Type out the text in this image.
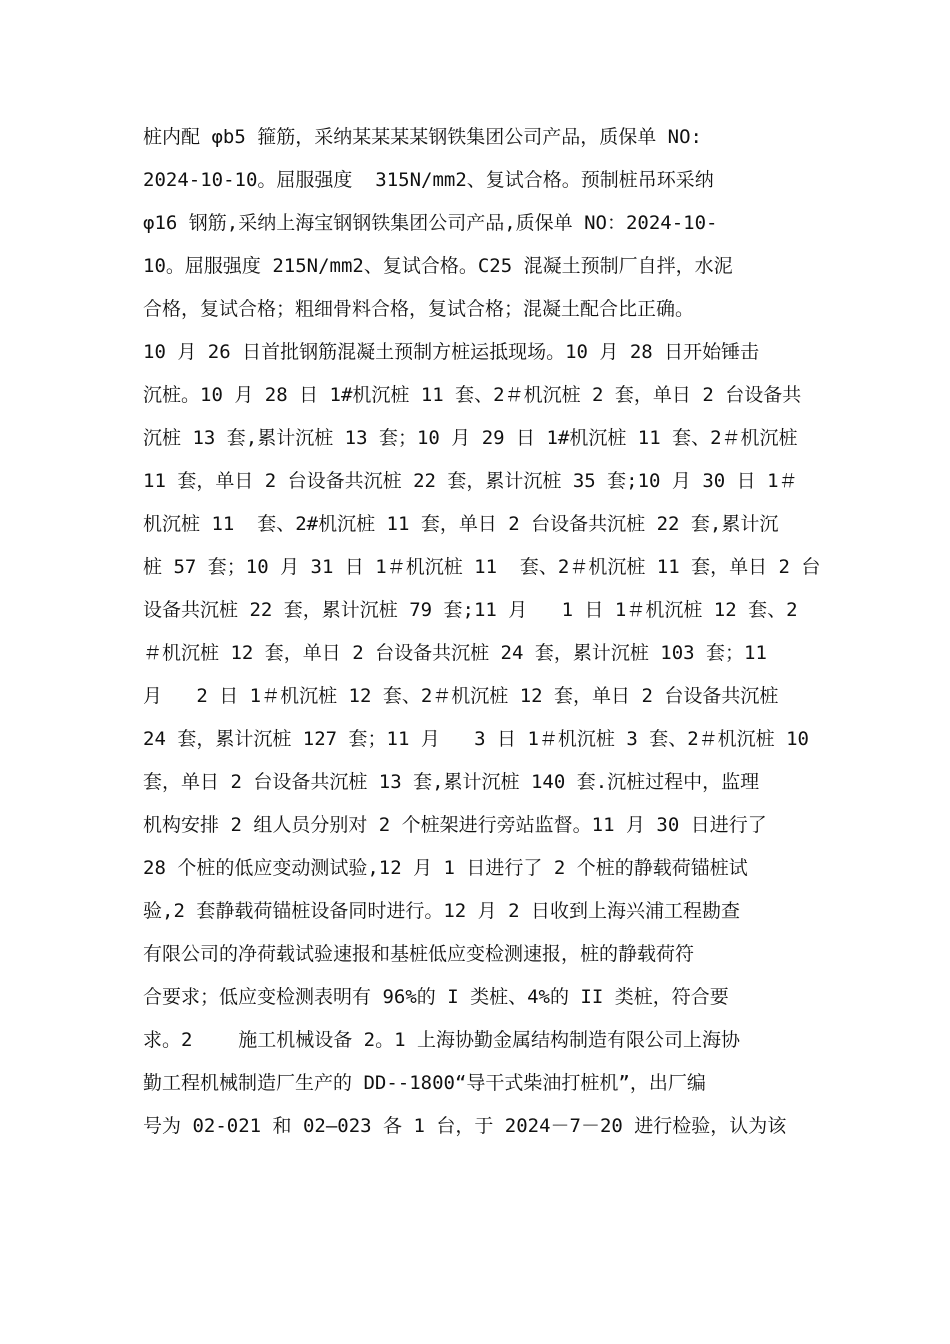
桩内配 φb5 箍筋，采纳某某某某钢铁集团公司产品，质保单 NO:
2024-10-10。屈服强度  315N/mm2、复试合格。预制桩吊环采纳
φ16 钢筋,采纳上海宝钢钢铁集团公司产品,质保单 NO：2024-10-
10。屈服强度 215N/mm2、复试合格。C25 混凝土预制厂自拌，水泥
合格，复试合格；粗细骨料合格，复试合格；混凝土配合比正确。
10 月 26 日首批钢筋混凝土预制方桩运抵现场。10 月 28 日开始锤击
沉桩。10 月 28 日 1#机沉桩 11 套、2＃机沉桩 2 套，单日 2 台设备共
沉桩 13 套,累计沉桩 13 套；10 月 29 日 1#机沉桩 11 套、2＃机沉桩
11 套，单日 2 台设备共沉桩 22 套，累计沉桩 35 套;10 月 30 日 1＃
机沉桩 11  套、2#机沉桩 11 套，单日 2 台设备共沉桩 22 套,累计沉
桩 57 套；10 月 31 日 1＃机沉桩 11  套、2＃机沉桩 11 套，单日 2 台
设备共沉桩 22 套，累计沉桩 79 套;11 月   1 日 1＃机沉桩 12 套、2
＃机沉桩 12 套，单日 2 台设备共沉桩 24 套，累计沉桩 103 套；11
月   2 日 1＃机沉桩 12 套、2＃机沉桩 12 套，单日 2 台设备共沉桩
24 套，累计沉桩 127 套；11 月   3 日 1＃机沉桩 3 套、2＃机沉桩 10
套，单日 2 台设备共沉桩 13 套,累计沉桩 140 套.沉桩过程中，监理
机构安排 2 组人员分别对 2 个桩架进行旁站监督。11 月 30 日进行了
28 个桩的低应变动测试验,12 月 1 日进行了 2 个桩的静载荷锚桩试
验,2 套静载荷锚桩设备同时进行。12 月 2 日收到上海兴浦工程勘查
有限公司的净荷载试验速报和基桩低应变检测速报，桩的静载荷符
合要求；低应变检测表明有 96%的 I 类桩、4%的 II 类桩，符合要
求。2    施工机械设备 2。1 上海协勤金属结构制造有限公司上海协
勤工程机械制造厂生产的 DD--1800“导干式柴油打桩机”，出厂编
号为 02-021 和 02—023 各 1 台，于 2024－7－20 进行检验，认为该
